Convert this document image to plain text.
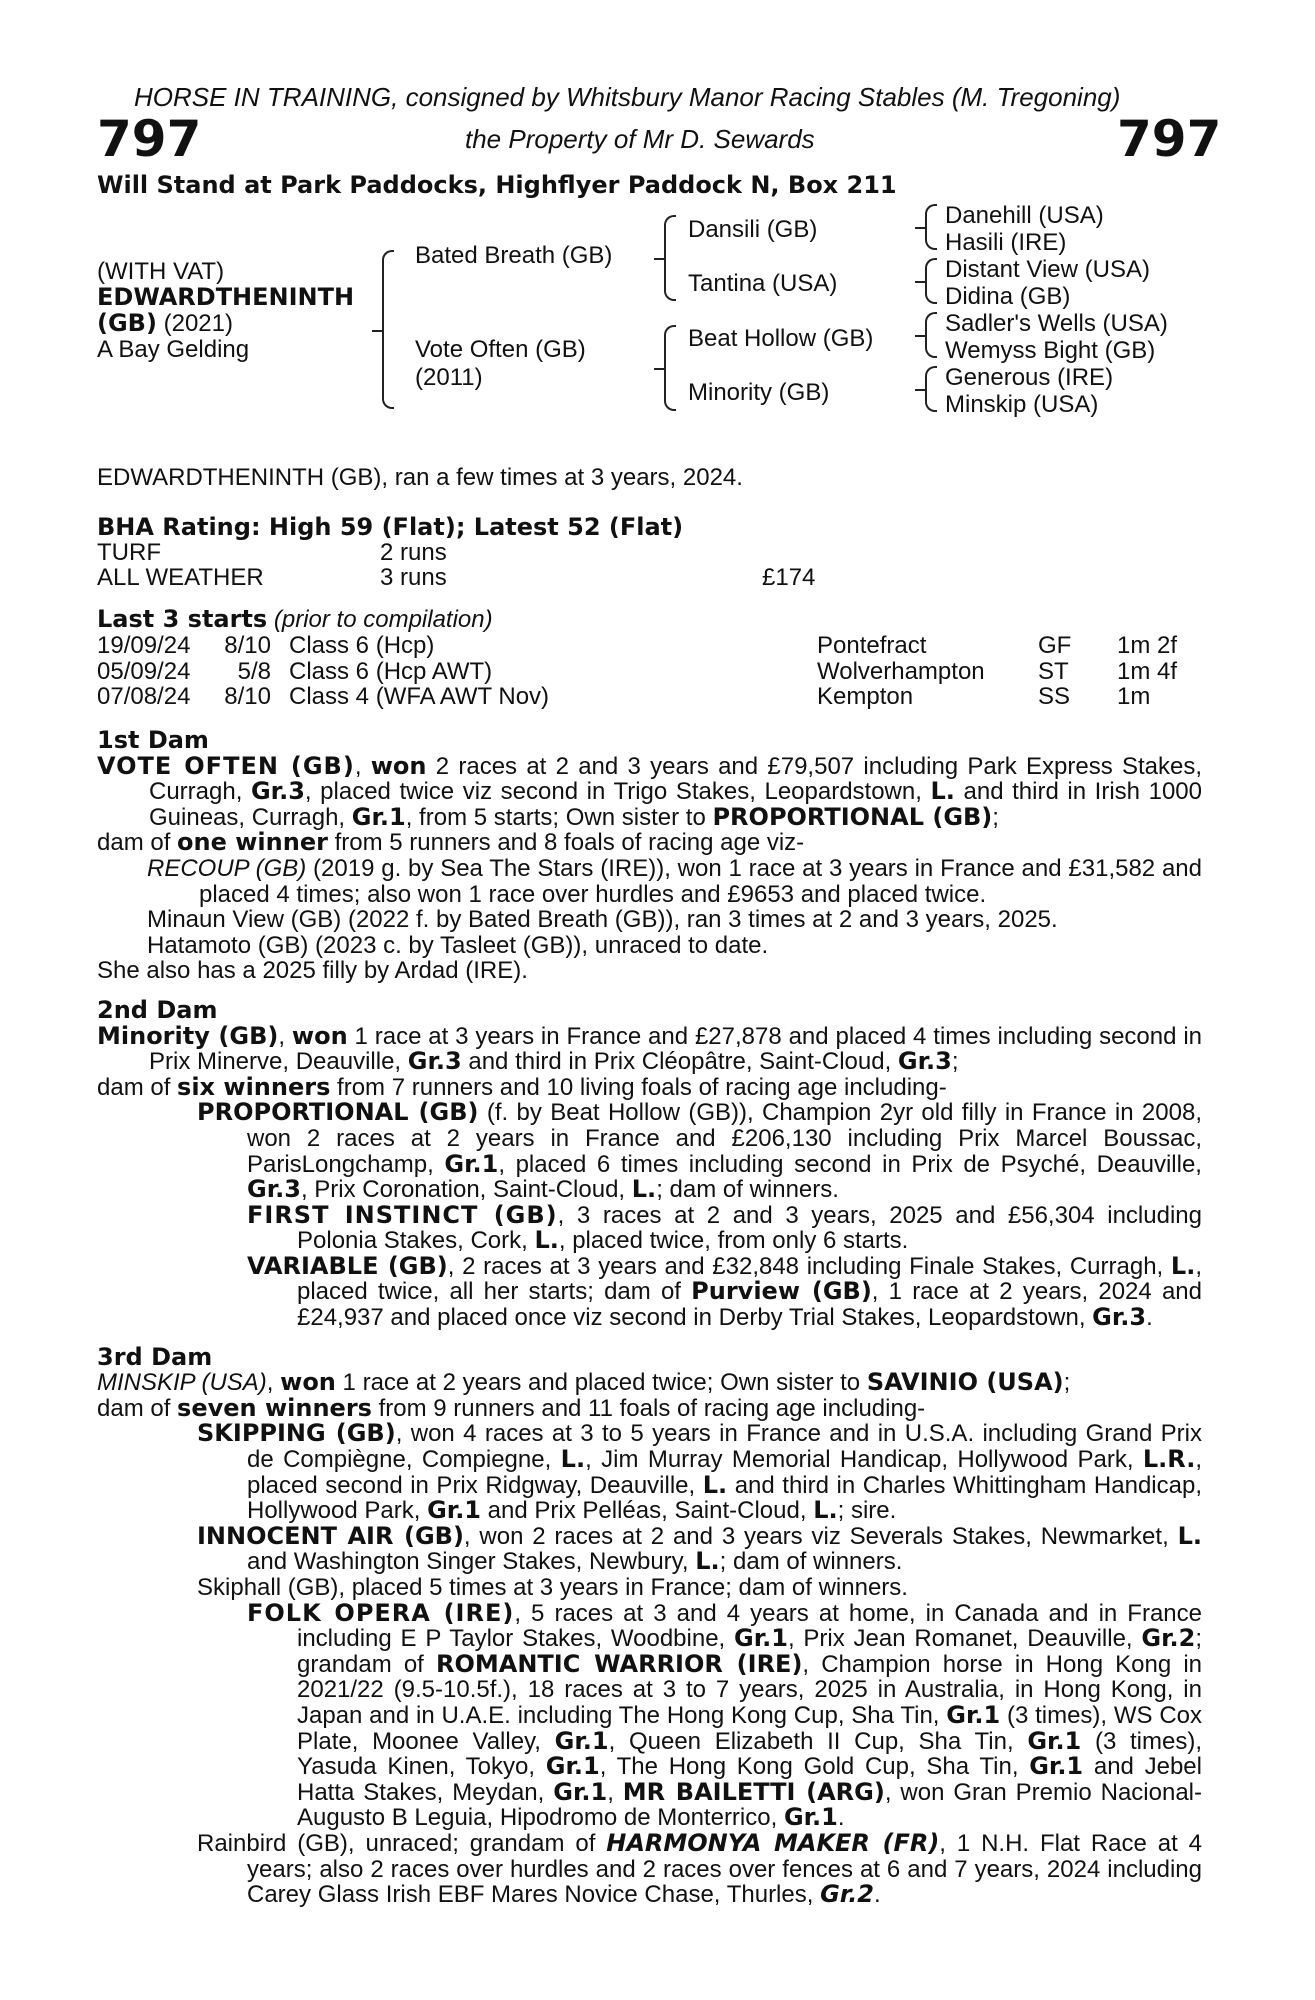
HORSE IN TRAINING, consigned by Whitsbury Manor Racing Stables (M. Tregoning)
797	the Property of Mr D. Sewards	797
Will Stand at Park Paddocks, Highflyer Paddock N, Box 211
(WITH VAT)
EDWARDTHENINTH
(GB) (2021)
A Bay Gelding
Bated Breath (GB)
Vote Often (GB)
(2011)
Dansili (GB)
Tantina (USA)
Beat Hollow (GB)
Minority (GB)
Danehill (USA)
Hasili (IRE)
Distant View (USA)
Didina (GB)
Sadler's Wells (USA)
Wemyss Bight (GB)
Generous (IRE)
Minskip (USA)
EDWARDTHENINTH (GB), ran a few times at 3 years, 2024.
BHA Rating: High 59 (Flat); Latest 52 (Flat)
TURF	2 runs
ALL WEATHER	3 runs	£174
Last 3 starts (prior to compilation)
19/09/24	8/10 Class 6 (Hcp)	Pontefract	GF 1m 2f
05/09/24	5/8 Class 6 (Hcp AWT)	Wolverhampton ST 1m 4f
07/08/24	8/10 Class 4 (WFA AWT Nov)	Kempton	SS 1m

1st Dam

VOTE OFTEN (GB), won 2 races at 2 and 3 years and £79,507 including Park Express Stakes, Curragh, Gr.3, placed twice viz second in Trigo Stakes, Leopardstown, L. and third in Irish 1000 Guineas, Curragh, Gr.1, from 5 starts; Own sister to PROPORTIONAL (GB);

dam of one winner from 5 runners and 8 foals of racing age viz-

RECOUP (GB) (2019 g. by Sea The Stars (IRE)), won 1 race at 3 years in France and £31,582 and placed 4 times; also won 1 race over hurdles and £9653 and placed twice.

Minaun View (GB) (2022 f. by Bated Breath (GB)), ran 3 times at 2 and 3 years, 2025.

Hatamoto (GB) (2023 c. by Tasleet (GB)), unraced to date.

She also has a 2025 filly by Ardad (IRE).

2nd Dam

Minority (GB), won 1 race at 3 years in France and £27,878 and placed 4 times including second in Prix Minerve, Deauville, Gr.3 and third in Prix Cléopâtre, Saint-Cloud, Gr.3;

dam of six winners from 7 runners and 10 living foals of racing age including-

PROPORTIONAL (GB) (f. by Beat Hollow (GB)), Champion 2yr old filly in France in 2008, won 2 races at 2 years in France and £206,130 including Prix Marcel Boussac, ParisLongchamp, Gr.1, placed 6 times including second in Prix de Psyché, Deauville, Gr.3, Prix Coronation, Saint-Cloud, L.; dam of winners.

FIRST INSTINCT (GB), 3 races at 2 and 3 years, 2025 and £56,304 including Polonia Stakes, Cork, L., placed twice, from only 6 starts.

VARIABLE (GB), 2 races at 3 years and £32,848 including Finale Stakes, Curragh, L., placed twice, all her starts; dam of Purview (GB), 1 race at 2 years, 2024 and £24,937 and placed once viz second in Derby Trial Stakes, Leopardstown, Gr.3.

3rd Dam

MINSKIP (USA), won 1 race at 2 years and placed twice; Own sister to SAVINIO (USA);

dam of seven winners from 9 runners and 11 foals of racing age including-

SKIPPING (GB), won 4 races at 3 to 5 years in France and in U.S.A. including Grand Prix de Compiègne, Compiegne, L., Jim Murray Memorial Handicap, Hollywood Park, L.R., placed second in Prix Ridgway, Deauville, L. and third in Charles Whittingham Handicap, Hollywood Park, Gr.1 and Prix Pelléas, Saint-Cloud, L.; sire.

INNOCENT AIR (GB), won 2 races at 2 and 3 years viz Severals Stakes, Newmarket, L. and Washington Singer Stakes, Newbury, L.; dam of winners.

Skiphall (GB), placed 5 times at 3 years in France; dam of winners.

FOLK OPERA (IRE), 5 races at 3 and 4 years at home, in Canada and in France including E P Taylor Stakes, Woodbine, Gr.1, Prix Jean Romanet, Deauville, Gr.2; grandam of ROMANTIC WARRIOR (IRE), Champion horse in Hong Kong in 2021/22 (9.5-10.5f.), 18 races at 3 to 7 years, 2025 in Australia, in Hong Kong, in Japan and in U.A.E. including The Hong Kong Cup, Sha Tin, Gr.1 (3 times), WS Cox Plate, Moonee Valley, Gr.1, Queen Elizabeth II Cup, Sha Tin, Gr.1 (3 times), Yasuda Kinen, Tokyo, Gr.1, The Hong Kong Gold Cup, Sha Tin, Gr.1 and Jebel Hatta Stakes, Meydan, Gr.1, MR BAILETTI (ARG), won Gran Premio Nacional-Augusto B Leguia, Hipodromo de Monterrico, Gr.1.

Rainbird (GB), unraced; grandam of HARMONYA MAKER (FR), 1 N.H. Flat Race at 4 years; also 2 races over hurdles and 2 races over fences at 6 and 7 years, 2024 including Carey Glass Irish EBF Mares Novice Chase, Thurles, Gr.2.
